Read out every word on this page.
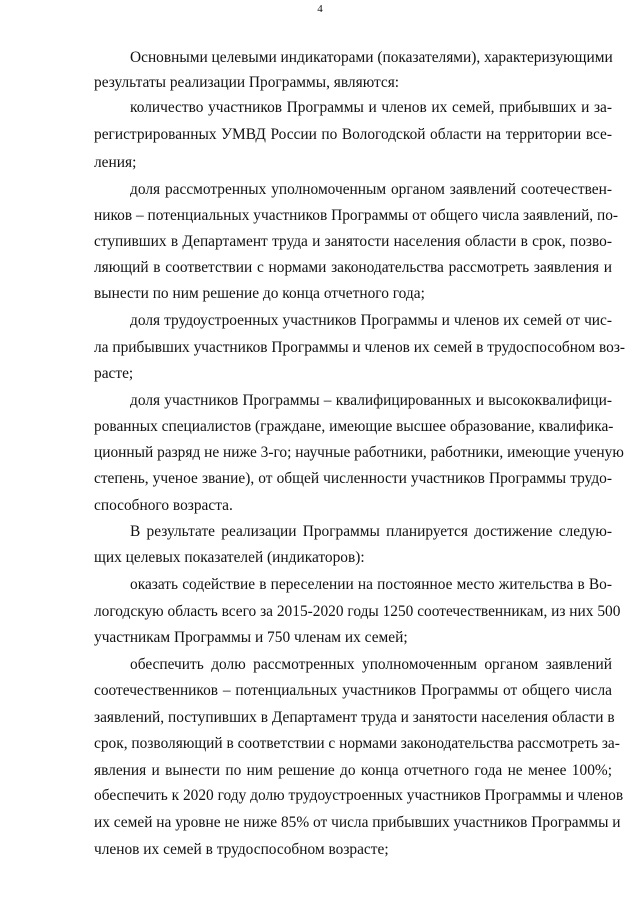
4
Основными целевыми индикаторами (показателями), характеризующими
результаты реализации Программы, являются:
количество участников Программы и членов их семей, прибывших и за-
регистрированных УМВД России по Вологодской области на территории все-
ления;
доля рассмотренных уполномоченным органом заявлений соотечествен-
ников – потенциальных участников Программы от общего числа заявлений, по-
ступивших в Департамент труда и занятости населения области в срок, позво-
ляющий в соответствии с нормами законодательства рассмотреть заявления и
вынести по ним решение до конца отчетного года;
доля трудоустроенных участников Программы и членов их семей от чис-
ла прибывших участников Программы и членов их семей в трудоспособном воз-
расте;
доля участников Программы – квалифицированных и высококвалифици-
рованных специалистов (граждане, имеющие высшее образование, квалифика-
ционный разряд не ниже 3-го; научные работники, работники, имеющие ученую
степень, ученое звание), от общей численности участников Программы трудо-
способного возраста.
В результате реализации Программы планируется достижение следую-
щих целевых показателей (индикаторов):
оказать содействие в переселении на постоянное место жительства в Во-
логодскую область всего за 2015-2020 годы 1250 соотечественникам, из них 500
участникам Программы и 750 членам их семей;
обеспечить долю рассмотренных уполномоченным органом заявлений
соотечественников – потенциальных участников Программы от общего числа
заявлений, поступивших в Департамент труда и занятости населения области в
срок, позволяющий в соответствии с нормами законодательства рассмотреть за-
явления и вынести по ним решение до конца отчетного года не менее 100%;
обеспечить к 2020 году долю трудоустроенных участников Программы и членов
их семей на уровне не ниже 85% от числа прибывших участников Программы и
членов их семей в трудоспособном возрасте;
